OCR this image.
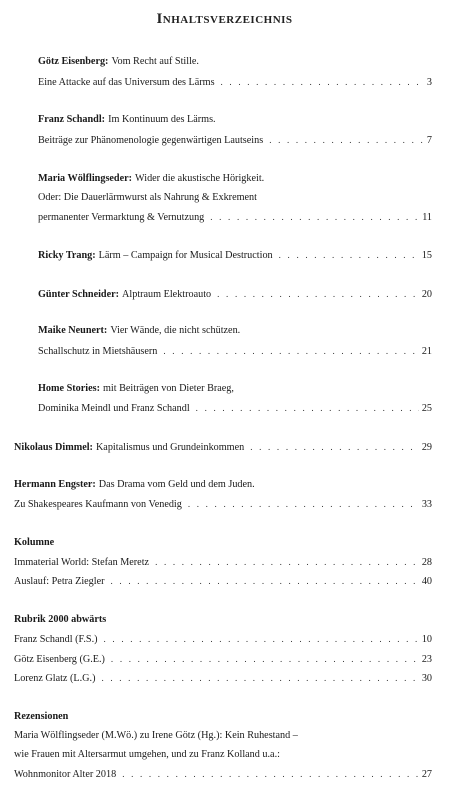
Inhaltsverzeichnis
Götz Eisenberg: Vom Recht auf Stille.
Eine Attacke auf das Universum des Lärms . . .	3
Franz Schandl: Im Kontinuum des Lärms.
Beiträge zur Phänomenologie gegenwärtigen Lautseins . . .	7
Maria Wölflingseder: Wider die akustische Hörigkeit.
Oder: Die Dauerlärmwurst als Nahrung & Exkrement
permanenter Vermarktung & Vernutzung . . .	11
Ricky Trang: Lärm – Campaign for Musical Destruction . . .	15
Günter Schneider: Alptraum Elektroauto . . .	20
Maike Neunert: Vier Wände, die nicht schützen.
Schallschutz in Mietshäusern . . .	21
Home Stories: mit Beiträgen von Dieter Braeg,
Dominika Meindl und Franz Schandl . . .	25
Nikolaus Dimmel: Kapitalismus und Grundeinkommen . . .	29
Hermann Engster: Das Drama vom Geld und dem Juden.
Zu Shakespeares Kaufmann von Venedig . . .	33
Kolumne
Immaterial World: Stefan Meretz . . .	28
Auslauf: Petra Ziegler . . .	40
Rubrik 2000 abwärts
Franz Schandl (F.S.) . . .	10
Götz Eisenberg (G.E.) . . .	23
Lorenz Glatz (L.G.) . . .	30
Rezensionen
Maria Wölflingseder (M.Wö.) zu Irene Götz (Hg.): Kein Ruhestand –
wie Frauen mit Altersarmut umgehen, und zu Franz Kolland u.a.:
Wohnmonitor Alter 2018 . . .	27
